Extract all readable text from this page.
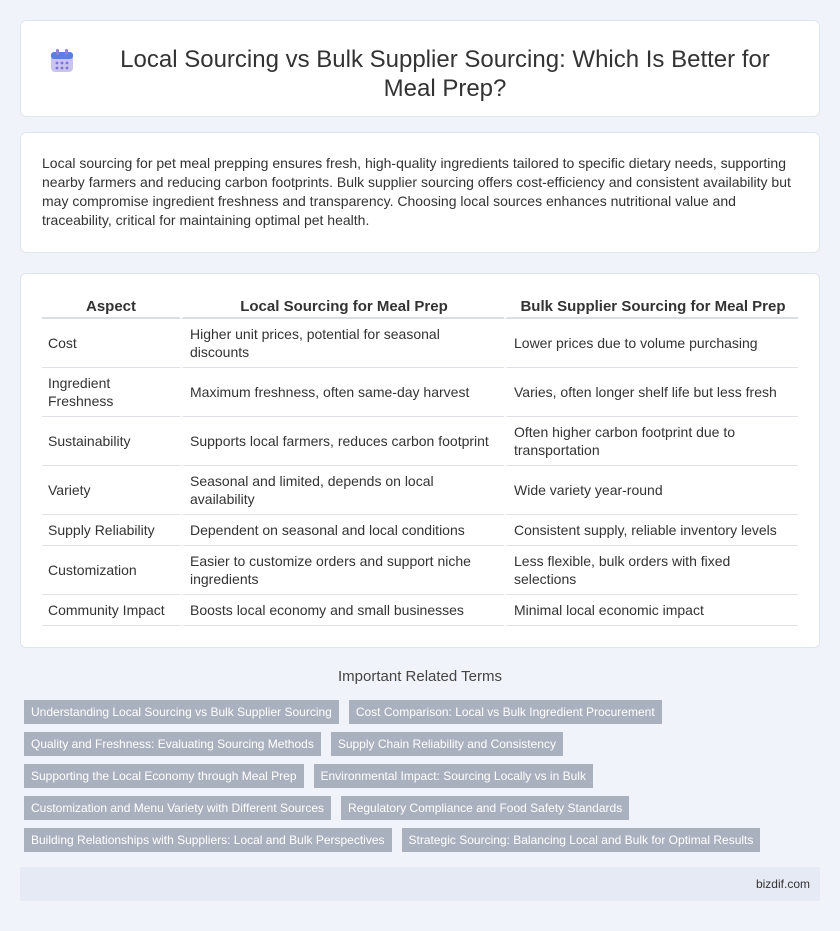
Local Sourcing vs Bulk Supplier Sourcing: Which Is Better for Meal Prep?

Local sourcing for pet meal prepping ensures fresh, high-quality ingredients tailored to specific dietary needs, supporting nearby farmers and reducing carbon footprints. Bulk supplier sourcing offers cost-efficiency and consistent availability but may compromise ingredient freshness and transparency. Choosing local sources enhances nutritional value and traceability, critical for maintaining optimal pet health.

Aspect	Local Sourcing for Meal Prep	Bulk Supplier Sourcing for Meal Prep
Cost	Higher unit prices, potential for seasonal discounts	Lower prices due to volume purchasing
Ingredient Freshness	Maximum freshness, often same-day harvest	Varies, often longer shelf life but less fresh
Sustainability	Supports local farmers, reduces carbon footprint	Often higher carbon footprint due to transportation
Variety	Seasonal and limited, depends on local availability	Wide variety year-round
Supply Reliability	Dependent on seasonal and local conditions	Consistent supply, reliable inventory levels
Customization	Easier to customize orders and support niche ingredients	Less flexible, bulk orders with fixed selections
Community Impact	Boosts local economy and small businesses	Minimal local economic impact
Important Related Terms
Understanding Local Sourcing vs Bulk Supplier Sourcing Cost Comparison: Local vs Bulk Ingredient Procurement
Quality and Freshness: Evaluating Sourcing Methods Supply Chain Reliability and Consistency
Supporting the Local Economy through Meal Prep Environmental Impact: Sourcing Locally vs in Bulk
Customization and Menu Variety with Different Sources Regulatory Compliance and Food Safety Standards
Building Relationships with Suppliers: Local and Bulk Perspectives Strategic Sourcing: Balancing Local and Bulk for Optimal Results
bizdif.com
